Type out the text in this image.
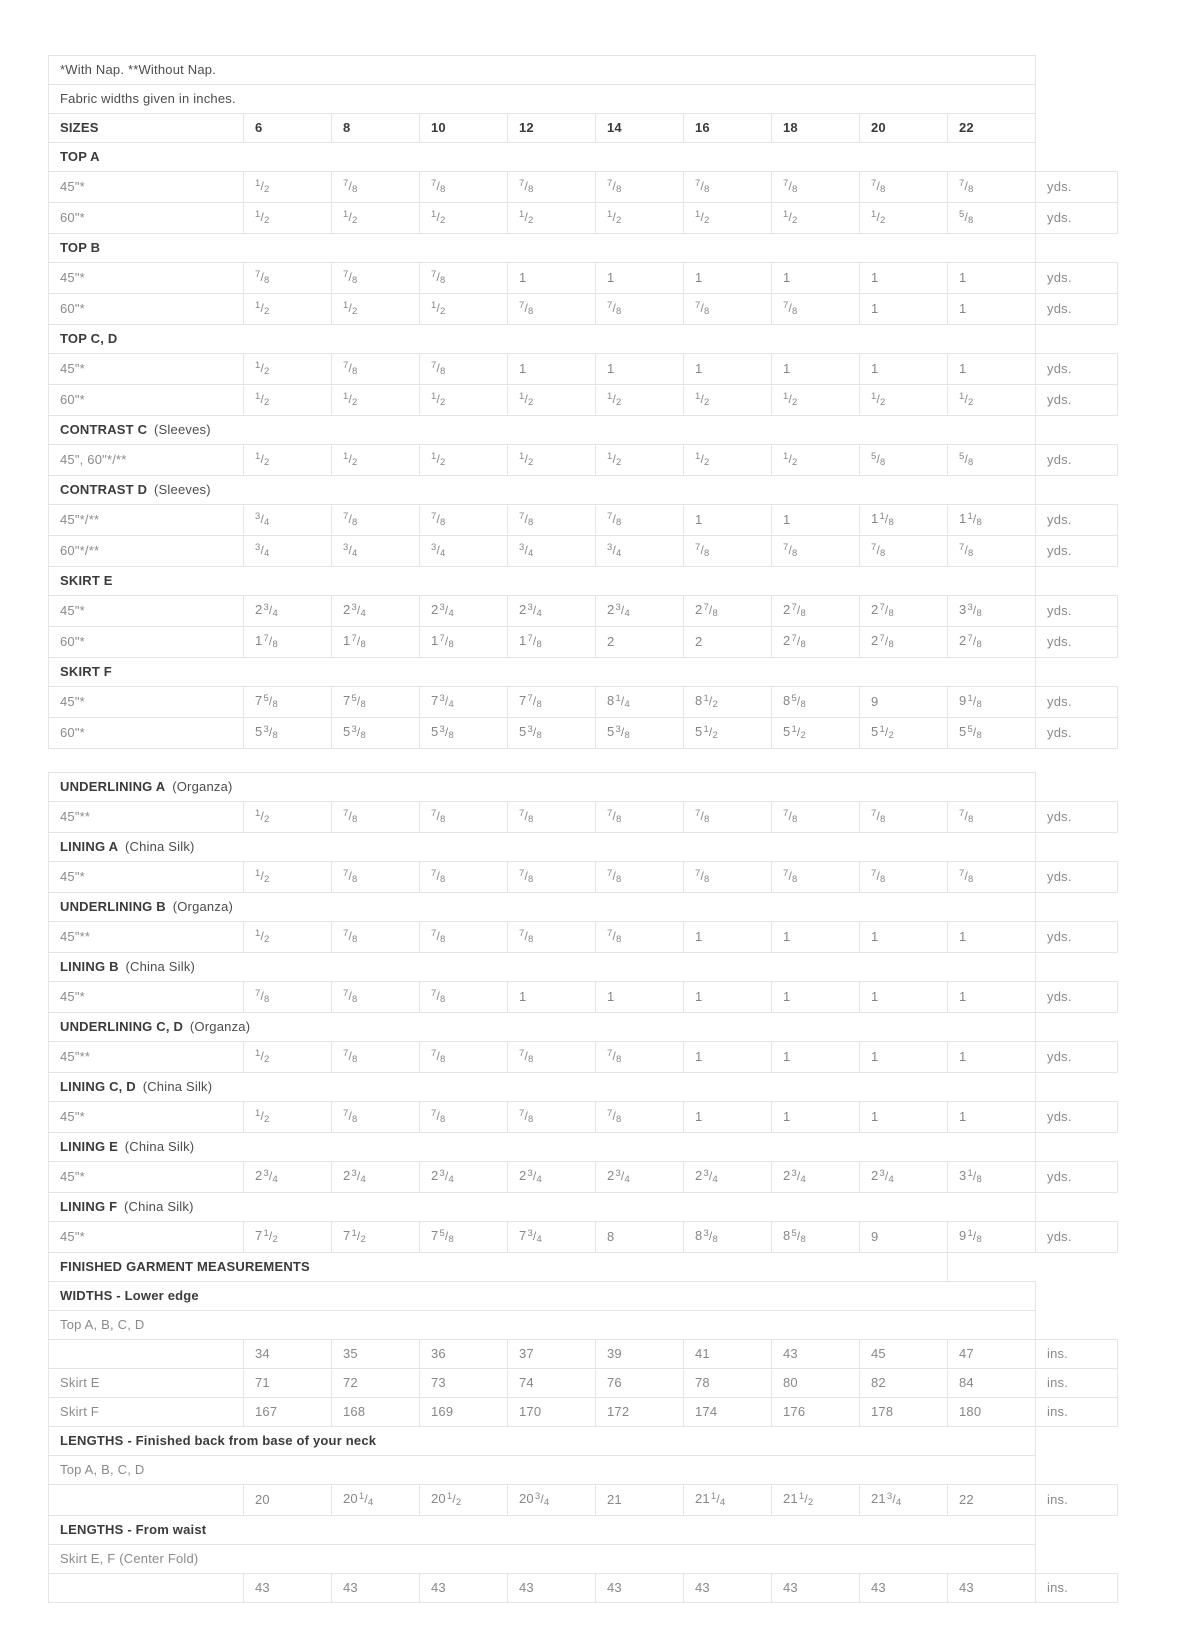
*With Nap. **Without Nap.										
Fabric widths given in inches.										
SIZES	6	8	10	12	14	16	18	20	22	
TOP A										
45"*	$^1$/2	$^7$/8	$^7$/8	$^7$/8	$^7$/8	$^7$/8	$^7$/8	$^7$/8	$^7$/8	yds.
60"*	$^1$/2	$^1$/2	$^1$/2	$^1$/2	$^1$/2	$^1$/2	$^1$/2	$^1$/2	$^5$/8	yds.
TOP B										
45"*	$^7$/8	$^7$/8	$^7$/8	1	1	1	1	1	1	yds.
60"*	$^1$/2	$^1$/2	$^1$/2	$^7$/8	$^7$/8	$^7$/8	$^7$/8	1	1	yds.
TOP C, D										
45"*	$^1$/2	$^7$/8	$^7$/8	1	1	1	1	1	1	yds.
60"*	$^1$/2	$^1$/2	$^1$/2	$^1$/2	$^1$/2	$^1$/2	$^1$/2	$^1$/2	$^1$/2	yds.
CONTRAST C (Sleeves)										
45", 60"*/**	$^1$/2	$^1$/2	$^1$/2	$^1$/2	$^1$/2	$^1$/2	$^1$/2	$^5$/8	$^5$/8	yds.
CONTRAST D (Sleeves)										
45"*/**	$^3$/4	$^7$/8	$^7$/8	$^7$/8	$^7$/8	1	1	1$^1$/8	1$^1$/8	yds.
60"*/**	$^3$/4	$^3$/4	$^3$/4	$^3$/4	$^3$/4	$^7$/8	$^7$/8	$^7$/8	$^7$/8	yds.
SKIRT E										
45"*	2$^3$/4	2$^3$/4	2$^3$/4	2$^3$/4	2$^3$/4	2$^7$/8	2$^7$/8	2$^7$/8	3$^3$/8	yds.
60"*	1$^7$/8	1$^7$/8	1$^7$/8	1$^7$/8	2	2	2$^7$/8	2$^7$/8	2$^7$/8	yds.
SKIRT F										
45"*	7$^5$/8	7$^5$/8	7$^3$/4	7$^7$/8	8$^1$/4	8$^1$/2	8$^5$/8	9	9$^1$/8	yds.
60"*	5$^3$/8	5$^3$/8	5$^3$/8	5$^3$/8	5$^3$/8	5$^1$/2	5$^1$/2	5$^1$/2	5$^5$/8	yds.
UNDERLINING A (Organza)										
45"**	$^1$/2	$^7$/8	$^7$/8	$^7$/8	$^7$/8	$^7$/8	$^7$/8	$^7$/8	$^7$/8	yds.
LINING A (China Silk)										
45"*	$^1$/2	$^7$/8	$^7$/8	$^7$/8	$^7$/8	$^7$/8	$^7$/8	$^7$/8	$^7$/8	yds.
UNDERLINING B (Organza)										
45"**	$^1$/2	$^7$/8	$^7$/8	$^7$/8	$^7$/8	1	1	1	1	yds.
LINING B (China Silk)										
45"*	$^7$/8	$^7$/8	$^7$/8	1	1	1	1	1	1	yds.
UNDERLINING C, D (Organza)										
45"**	$^1$/2	$^7$/8	$^7$/8	$^7$/8	$^7$/8	1	1	1	1	yds.
LINING C, D (China Silk)										
45"*	$^1$/2	$^7$/8	$^7$/8	$^7$/8	$^7$/8	1	1	1	1	yds.
LINING E (China Silk)										
45"*	2$^3$/4	2$^3$/4	2$^3$/4	2$^3$/4	2$^3$/4	2$^3$/4	2$^3$/4	2$^3$/4	3$^1$/8	yds.
LINING F (China Silk)										
45"*	7$^1$/2	7$^1$/2	7$^5$/8	7$^3$/4	8	8$^3$/8	8$^5$/8	9	9$^1$/8	yds.
FINISHED GARMENT MEASUREMENTS										
WIDTHS - Lower edge										
Top A, B, C, D										
	34	35	36	37	39	41	43	45	47	ins.
Skirt E	71	72	73	74	76	78	80	82	84	ins.
Skirt F	167	168	169	170	172	174	176	178	180	ins.
LENGTHS - Finished back from base of your neck										
Top A, B, C, D										
	20	20$^1$/4	20$^1$/2	20$^3$/4	21	21$^1$/4	21$^1$/2	21$^3$/4	22	ins.
LENGTHS - From waist										
Skirt E, F (Center Fold)										
	43	43	43	43	43	43	43	43	43	ins.
